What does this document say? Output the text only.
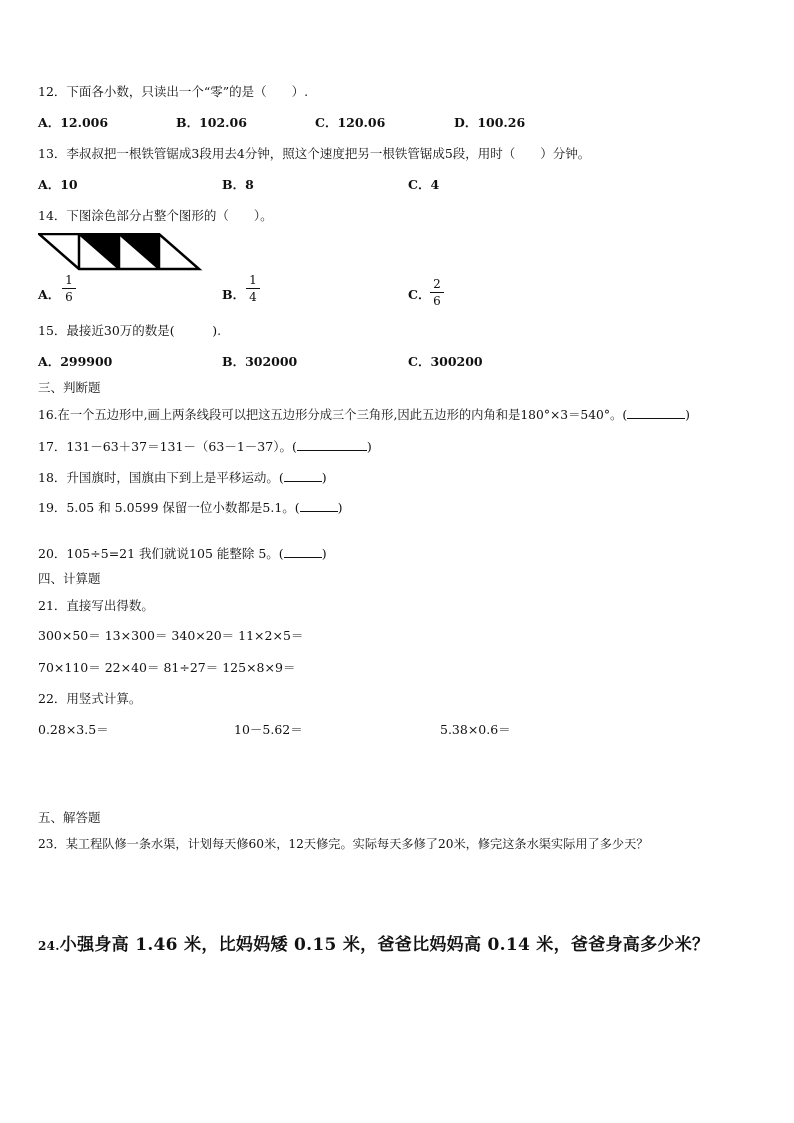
12．下面各小数，只读出一个“零”的是（　　）.
A．12.006	B．102.06	C．120.06	D．100.26
13．李叔叔把一根铁管锯成3段用去4分钟，照这个速度把另一根铁管锯成5段，用时（　　）分钟。
A．10	B．8	C．4
14．下图涂色部分占整个图形的（　　）。
A．
1
6	B．
1
4	C．
2
6
15．最接近30万的数是(　　　).
A．299900	B．302000	C．300200
三、判断题
16.在一个五边形中,画上两条线段可以把这五边形分成三个三角形,因此五边形的内角和是180°×3＝540°。(	)
17．131－63＋37＝131－（63－1－37）。(	)
18．升国旗时，国旗由下到上是平移运动。(	)
19．5.05 和 5.0599 保留一位小数都是5.1。(	)
20．105÷5=21 我们就说105 能整除 5。(	)
四、计算题
21．直接写出得数。
300×50＝ 13×300＝ 340×20＝ 11×2×5＝
70×110＝ 22×40＝ 81÷27＝ 125×8×9＝
22．用竖式计算。
0.28×3.5＝	10－5.62＝	5.38×0.6＝
五、解答题
23．某工程队修一条水渠，计划每天修60米，12天修完。实际每天多修了20米，修完这条水渠实际用了多少天？
24.小强身高 1.46 米，比妈妈矮 0.15 米，爸爸比妈妈高 0.14 米，爸爸身高多少米？
